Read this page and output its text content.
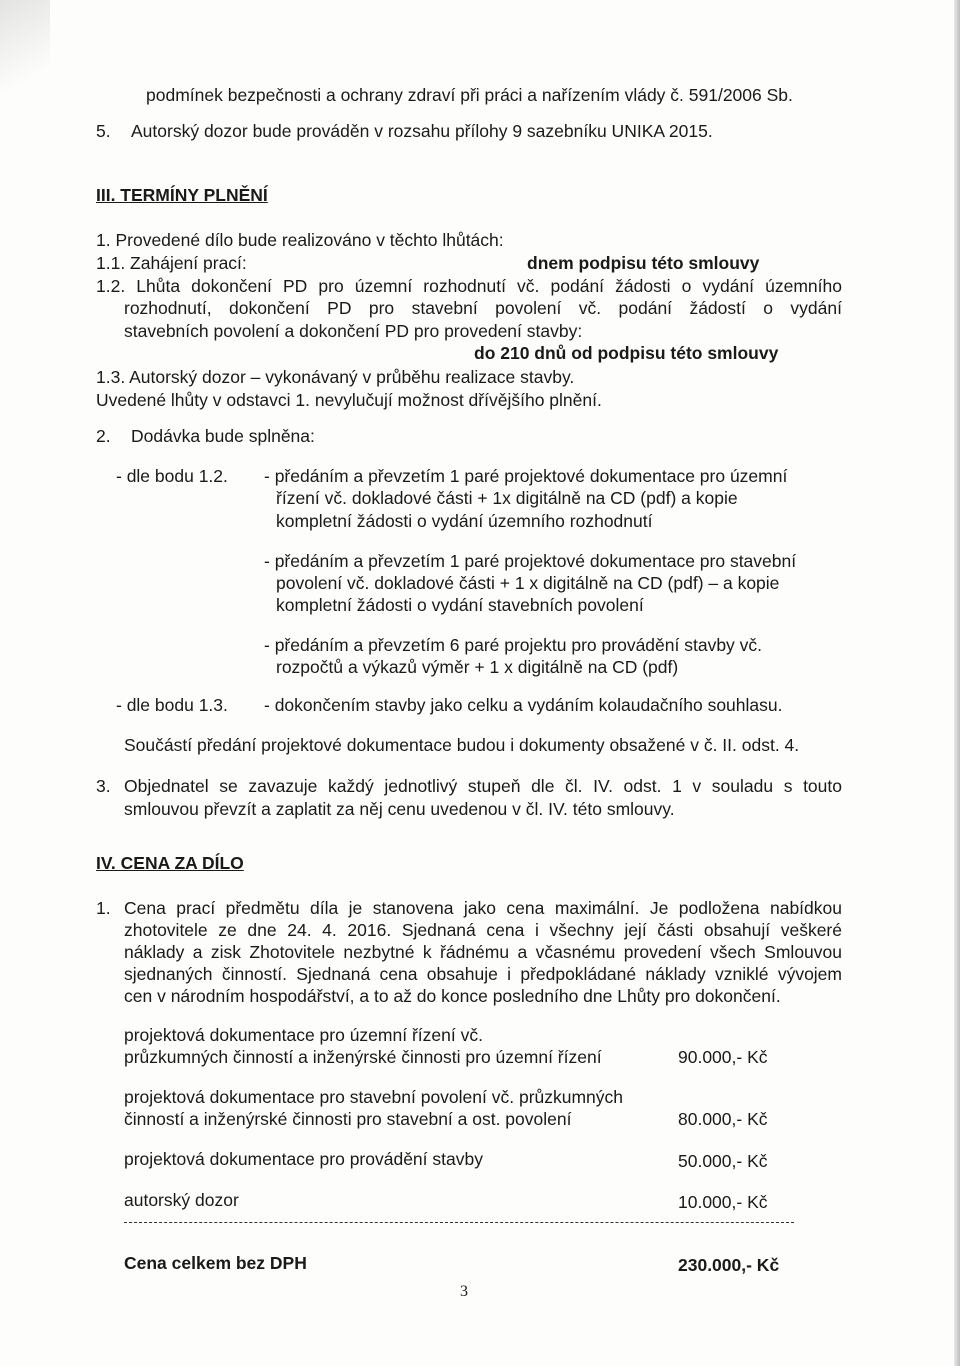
podmínek bezpečnosti a ochrany zdraví při práci a nařízením vlády č. 591/2006 Sb.
5. Autorský dozor bude prováděn v rozsahu přílohy 9 sazebníku UNIKA 2015.
III. TERMÍNY PLNĚNÍ
1. Provedené dílo bude realizováno v těchto lhůtách:
1.1. Zahájení prací:	dnem podpisu této smlouvy
1.2. Lhůta dokončení PD pro územní rozhodnutí vč. podání žádosti o vydání územního
rozhodnutí, dokončení PD pro stavební povolení vč. podání žádostí o vydání
stavebních povolení a dokončení PD pro provedení stavby:
do 210 dnů od podpisu této smlouvy
1.3. Autorský dozor – vykonávaný v průběhu realizace stavby.
Uvedené lhůty v odstavci 1. nevylučují možnost dřívějšího plnění.
2. Dodávka bude splněna:
- dle bodu 1.2. - předáním a převzetím 1 paré projektové dokumentace pro územní
řízení vč. dokladové části + 1x digitálně na CD (pdf) a kopie
kompletní žádosti o vydání územního rozhodnutí
- předáním a převzetím 1 paré projektové dokumentace pro stavební
povolení vč. dokladové části + 1 x digitálně na CD (pdf) – a kopie
kompletní žádosti o vydání stavebních povolení
- předáním a převzetím 6 paré projektu pro provádění stavby vč.
rozpočtů a výkazů výměr + 1 x digitálně na CD (pdf)
- dle bodu 1.3. - dokončením stavby jako celku a vydáním kolaudačního souhlasu.
Součástí předání projektové dokumentace budou i dokumenty obsažené v č. II. odst. 4.
3. Objednatel se zavazuje každý jednotlivý stupeň dle čl. IV. odst. 1 v souladu s touto
smlouvou převzít a zaplatit za něj cenu uvedenou v čl. IV. této smlouvy.
IV. CENA ZA DÍLO
1. Cena prací předmětu díla je stanovena jako cena maximální. Je podložena nabídkou
zhotovitele ze dne 24. 4. 2016. Sjednaná cena i všechny její části obsahují veškeré
náklady a zisk Zhotovitele nezbytné k řádnému a včasnému provedení všech Smlouvou
sjednaných činností. Sjednaná cena obsahuje i předpokládané náklady vzniklé vývojem
cen v národním hospodářství, a to až do konce posledního dne Lhůty pro dokončení.
projektová dokumentace pro územní řízení vč.
průzkumných činností a inženýrské činnosti pro územní řízení	90.000,- Kč
projektová dokumentace pro stavební povolení vč. průzkumných
činností a inženýrské činnosti pro stavební a ost. povolení	80.000,- Kč
projektová dokumentace pro provádění stavby	50.000,- Kč
autorský dozor	10.000,- Kč
Cena celkem bez DPH	230.000,- Kč
3
